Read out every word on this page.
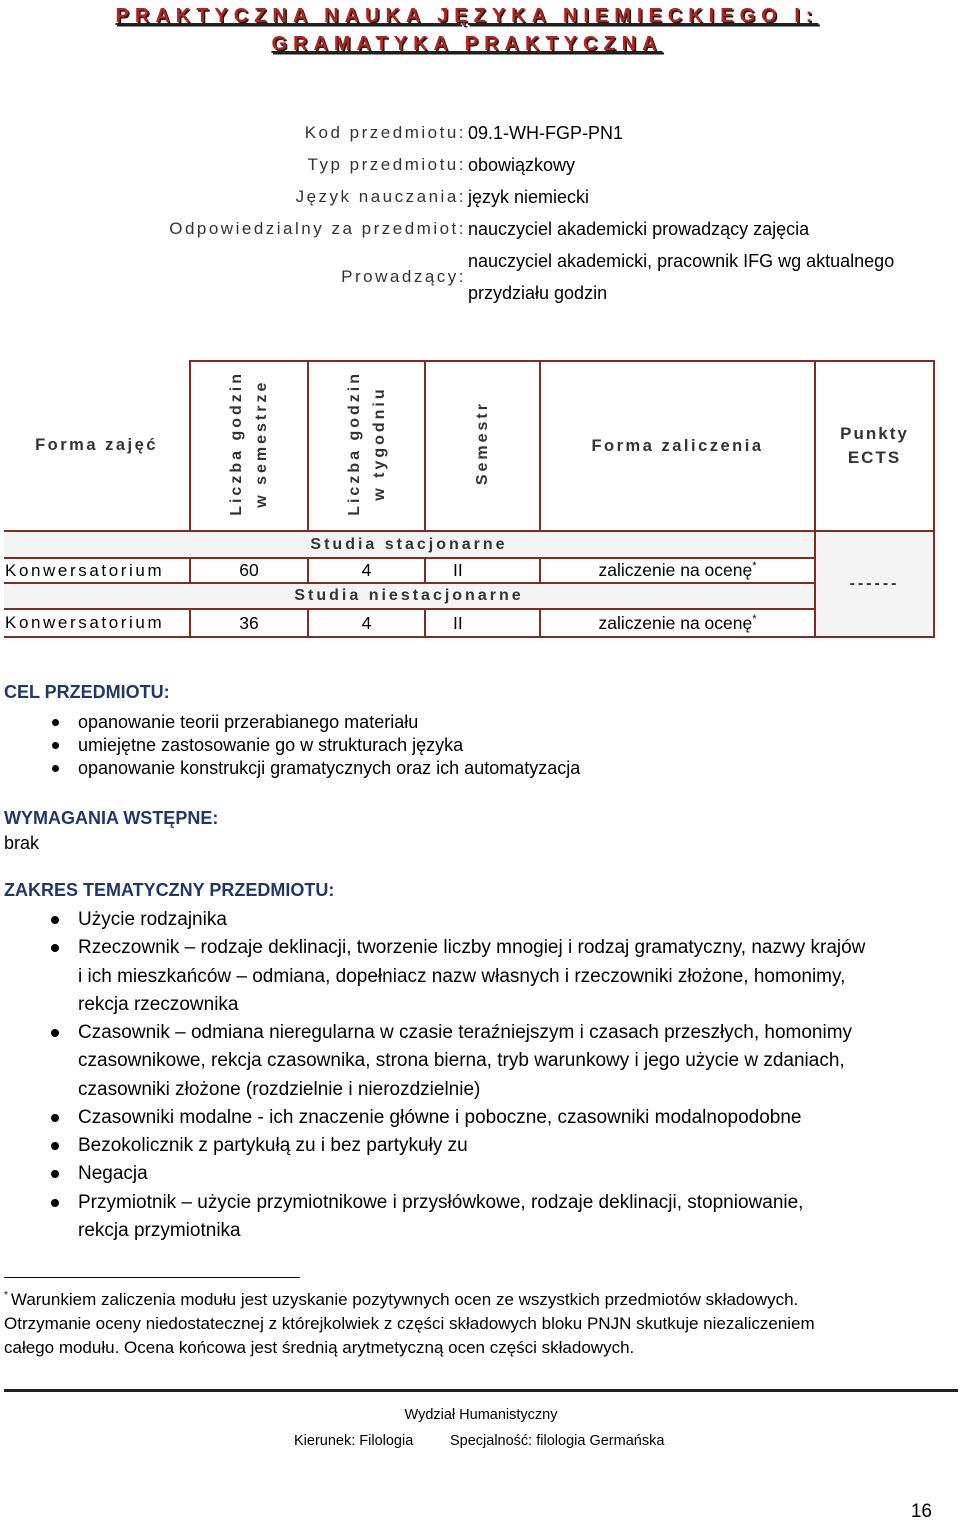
PRAKTYCZNA NAUKA JĘZYKA NIEMIECKIEGO I:
GRAMATYKA PRAKTYCZNA
Kod przedmiotu: 09.1-WH-FGP-PN1
Typ przedmiotu: obowiązkowy
Język nauczania: język niemiecki
Odpowiedzialny za przedmiot: nauczyciel akademicki prowadzący zajęcia
Prowadzący:
nauczyciel akademicki, pracownik IFG wg aktualnego
przydziału godzin
Forma zajęć	Liczba godzin w semestrze	Liczba godzin w tygodniu	Semestr	Forma zaliczenia	Punkty
ECTS

Studia stacjonarne					------
Konwersatorium	60	4	II	zaliczenie na ocenę*
Studia niestacjonarne					
Konwersatorium	36	4	II	zaliczenie na ocenę*
CEL PRZEDMIOTU:
opanowanie teorii przerabianego materiału
umiejętne zastosowanie go w strukturach języka
opanowanie konstrukcji gramatycznych oraz ich automatyzacja
WYMAGANIA WSTĘPNE:
brak
ZAKRES TEMATYCZNY PRZEDMIOTU:
Użycie rodzajnika
Rzeczownik – rodzaje deklinacji, tworzenie liczby mnogiej i rodzaj gramatyczny, nazwy krajów
i ich mieszkańców – odmiana, dopełniacz nazw własnych i rzeczowniki złożone, homonimy,
rekcja rzeczownika
Czasownik – odmiana nieregularna w czasie teraźniejszym i czasach przeszłych, homonimy
czasownikowe, rekcja czasownika, strona bierna, tryb warunkowy i jego użycie w zdaniach,
czasowniki złożone (rozdzielnie i nierozdzielnie)
Czasowniki modalne - ich znaczenie główne i poboczne, czasowniki modalnopodobne
Bezokolicznik z partykułą zu i bez partykuły zu
Negacja
Przymiotnik – użycie przymiotnikowe i przysłówkowe, rodzaje deklinacji, stopniowanie,
rekcja przymiotnika
* Warunkiem zaliczenia modułu jest uzyskanie pozytywnych ocen ze wszystkich przedmiotów składowych.
Otrzymanie oceny niedostatecznej z którejkolwiek z części składowych bloku PNJN skutkuje niezaliczeniem
całego modułu. Ocena końcowa jest średnią arytmetyczną ocen części składowych.
Wydział Humanistyczny
Kierunek: Filologia	Specjalność: filologia Germańska
16
